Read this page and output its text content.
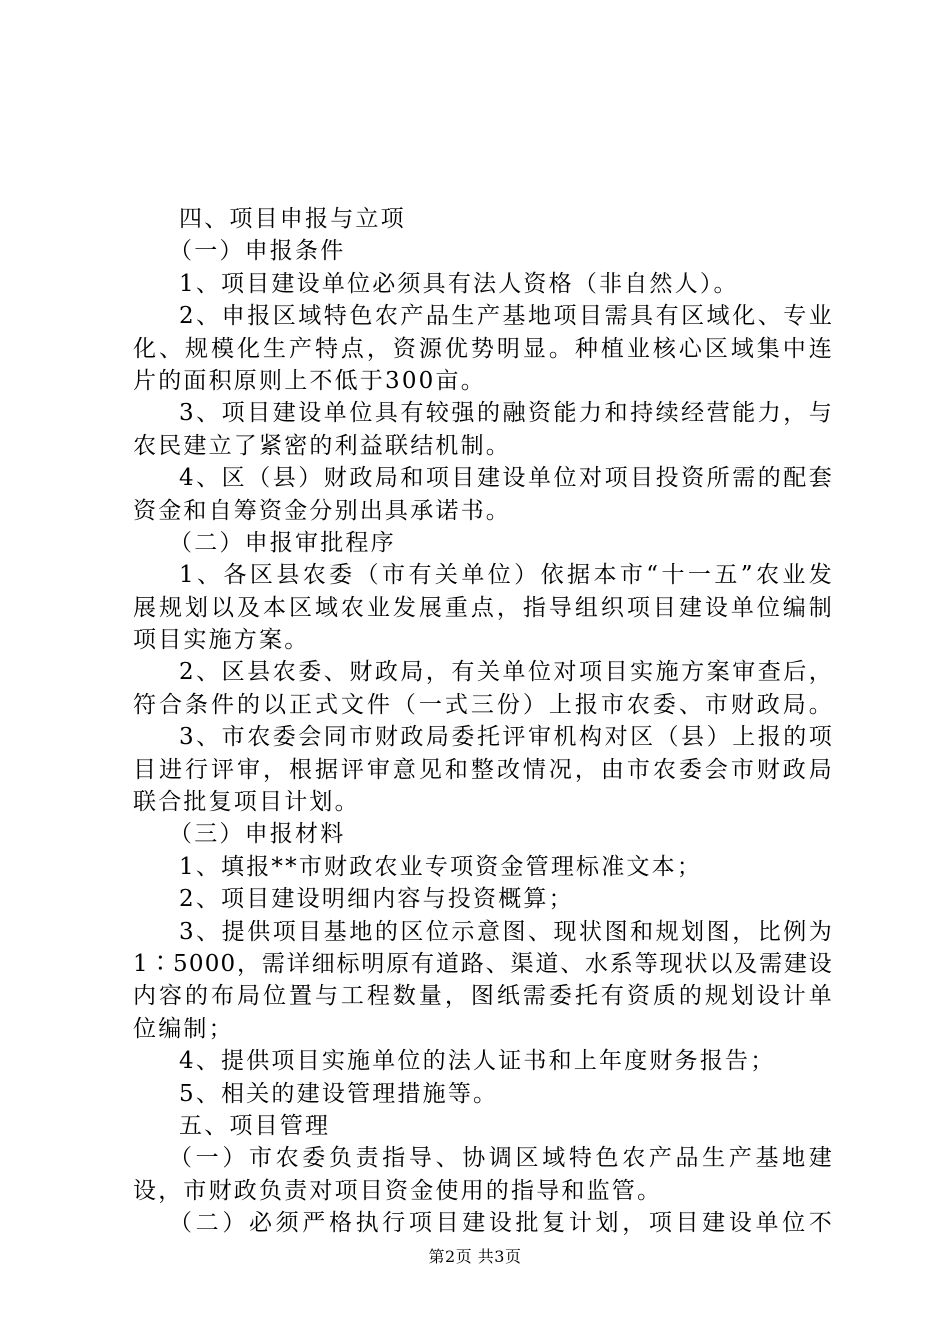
四、项目申报与立项
（一）申报条件
1、项目建设单位必须具有法人资格（非自然人）。
2、申报区域特色农产品生产基地项目需具有区域化、专业
化、规模化生产特点，资源优势明显。种植业核心区域集中连
片的面积原则上不低于300亩。
3、项目建设单位具有较强的融资能力和持续经营能力，与
农民建立了紧密的利益联结机制。
4、区（县）财政局和项目建设单位对项目投资所需的配套
资金和自筹资金分别出具承诺书。
（二）申报审批程序
1、各区县农委（市有关单位）依据本市“十一五”农业发
展规划以及本区域农业发展重点，指导组织项目建设单位编制
项目实施方案。
2、区县农委、财政局，有关单位对项目实施方案审查后，
符合条件的以正式文件（一式三份）上报市农委、市财政局。
3、市农委会同市财政局委托评审机构对区（县）上报的项
目进行评审，根据评审意见和整改情况，由市农委会市财政局
联合批复项目计划。
（三）申报材料
1、填报**市财政农业专项资金管理标准文本；
2、项目建设明细内容与投资概算；
3、提供项目基地的区位示意图、现状图和规划图，比例为
1∶5000，需详细标明原有道路、渠道、水系等现状以及需建设
内容的布局位置与工程数量，图纸需委托有资质的规划设计单
位编制；
4、提供项目实施单位的法人证书和上年度财务报告；
5、相关的建设管理措施等。
五、项目管理
（一）市农委负责指导、协调区域特色农产品生产基地建
设，市财政负责对项目资金使用的指导和监管。
（二）必须严格执行项目建设批复计划，项目建设单位不
第2页 共3页
